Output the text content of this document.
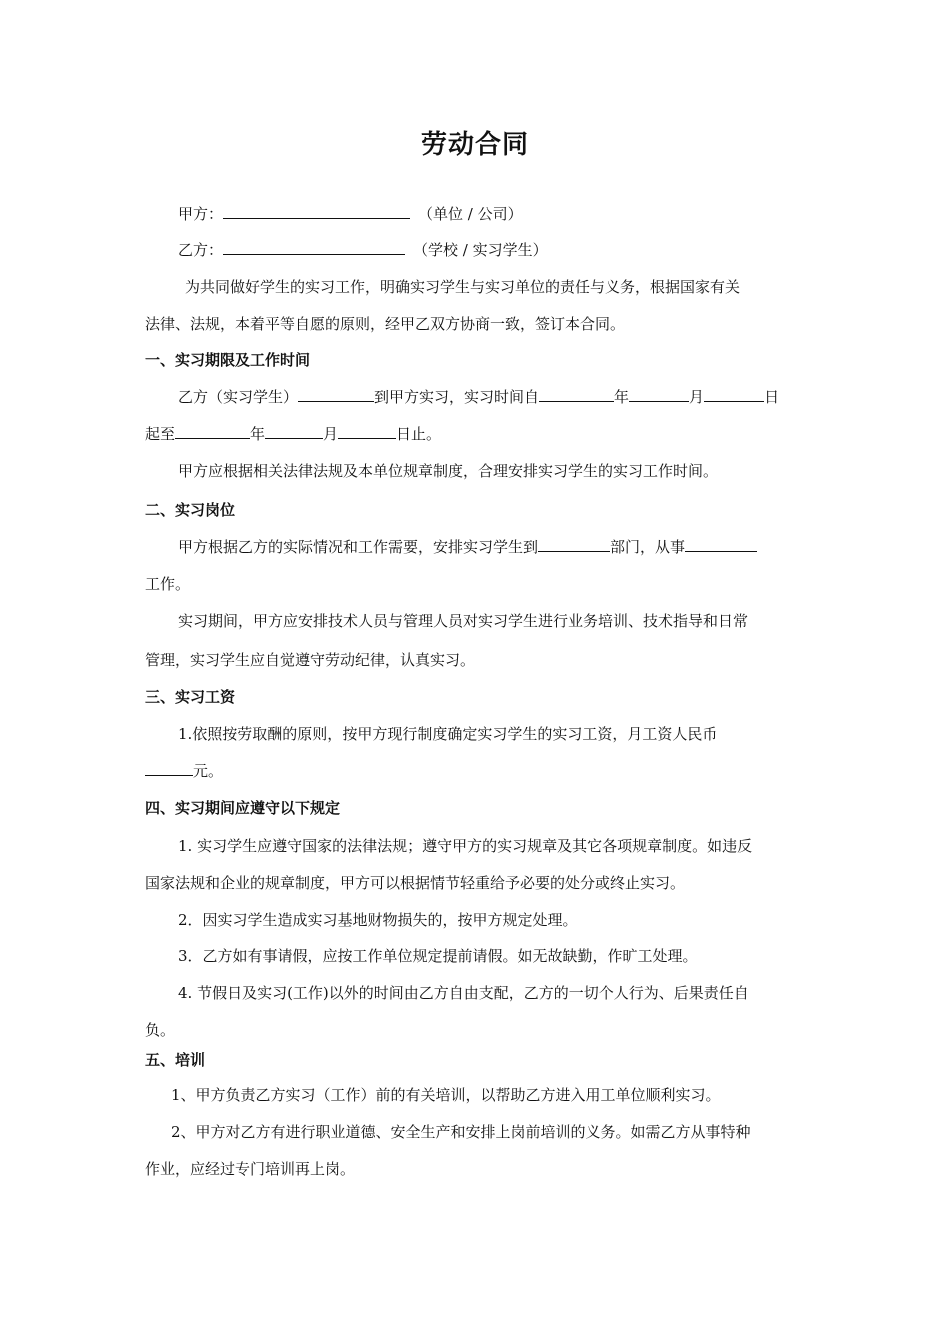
劳动合同
甲方：	（单位 / 公司）
乙方：	（学校 / 实习学生）
为共同做好学生的实习工作，明确实习学生与实习单位的责任与义务，根据国家有关
法律、法规，本着平等自愿的原则，经甲乙双方协商一致，签订本合同。
一、实习期限及工作时间
乙方（实习学生）	到甲方实习，实习时间自	年	月	日
起至	年	月	日止。
甲方应根据相关法律法规及本单位规章制度，合理安排实习学生的实习工作时间。
二、实习岗位
甲方根据乙方的实际情况和工作需要，安排实习学生到	部门，从事
工作。
实习期间，甲方应安排技术人员与管理人员对实习学生进行业务培训、技术指导和日常
管理，实习学生应自觉遵守劳动纪律，认真实习。
三、实习工资
1.依照按劳取酬的原则，按甲方现行制度确定实习学生的实习工资，月工资人民币
元。
四、实习期间应遵守以下规定
1. 实习学生应遵守国家的法律法规；遵守甲方的实习规章及其它各项规章制度。如违反
国家法规和企业的规章制度，甲方可以根据情节轻重给予必要的处分或终止实习。
2．因实习学生造成实习基地财物损失的，按甲方规定处理。
3．乙方如有事请假，应按工作单位规定提前请假。如无故缺勤，作旷工处理。
4. 节假日及实习(工作)以外的时间由乙方自由支配，乙方的一切个人行为、后果责任自
负。
五、培训
1、甲方负责乙方实习（工作）前的有关培训，以帮助乙方进入用工单位顺利实习。
2、甲方对乙方有进行职业道德、安全生产和安排上岗前培训的义务。如需乙方从事特种
作业，应经过专门培训再上岗。
